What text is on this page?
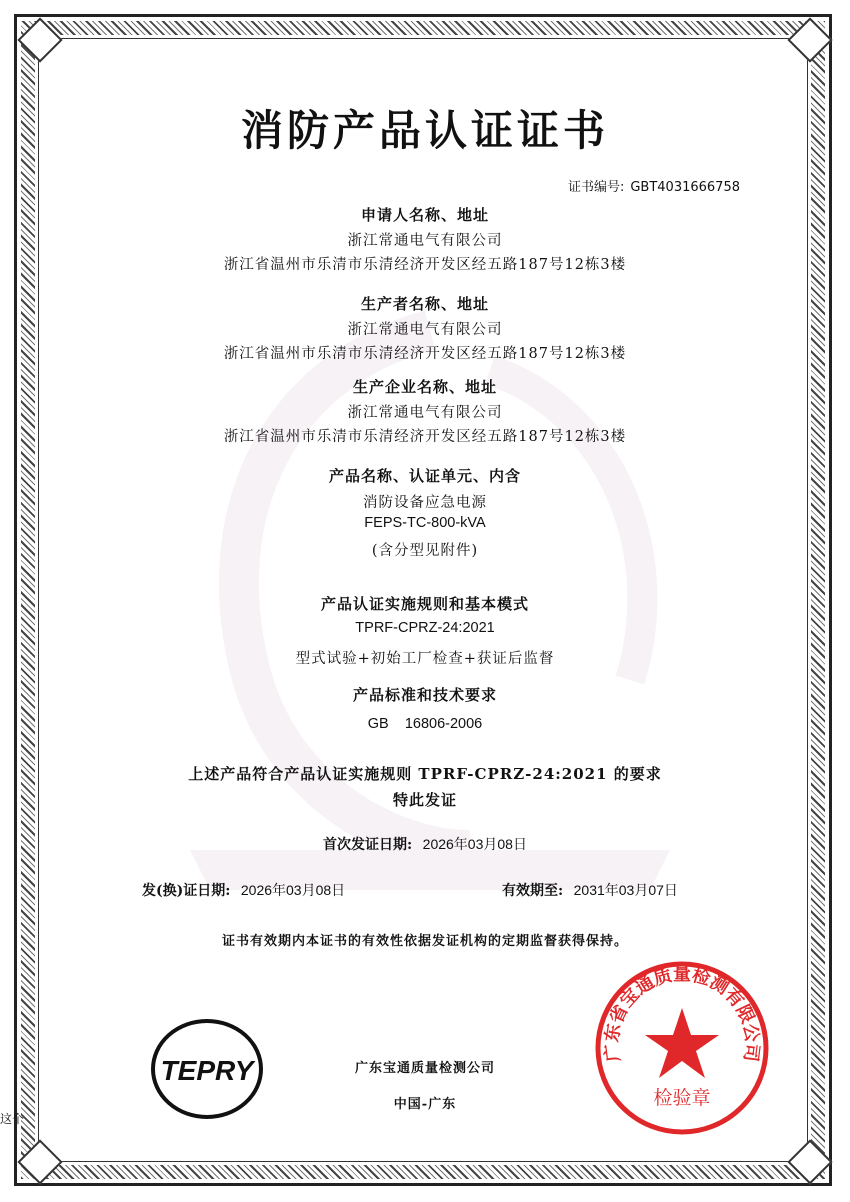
消防产品认证证书
证书编号: GBT4031666758
申请人名称、地址
浙江常通电气有限公司
浙江省温州市乐清市乐清经济开发区经五路187号12栋3楼
生产者名称、地址
浙江常通电气有限公司
浙江省温州市乐清市乐清经济开发区经五路187号12栋3楼
生产企业名称、地址
浙江常通电气有限公司
浙江省温州市乐清市乐清经济开发区经五路187号12栋3楼
产品名称、认证单元、内含
消防设备应急电源
FEPS-TC-800-kVA
(含分型见附件)
产品认证实施规则和基本模式
TPRF-CPRZ-24:2021
型式试验+初始工厂检查+获证后监督
产品标准和技术要求
GB    16806-2006
上述产品符合产品认证实施规则 TPRF-CPRZ-24:2021 的要求
特此发证
首次发证日期: 2026年03月08日
发(换)证日期: 2026年03月08日	有效期至: 2031年03月07日
证书有效期内本证书的有效性依据发证机构的定期监督获得保持。
TEPRY	广东宝通质量检测公司
中国-广东
广东省宝通质量检测有限公司
检验章
这个
